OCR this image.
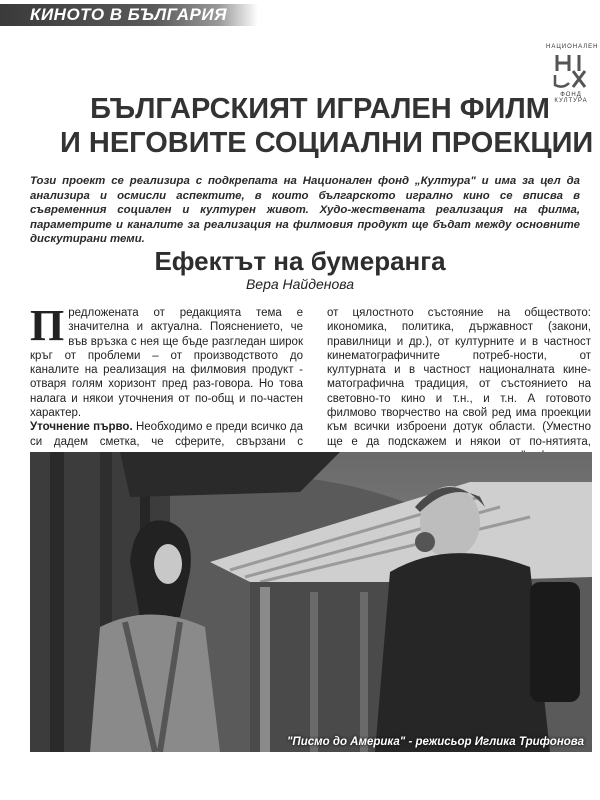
КИНОТО В БЪЛГАРИЯ
НАЦИОНАЛЕН
ФОНД
КУЛТУРА
БЪЛГАРСКИЯТ ИГРАЛЕН ФИЛМ
И НЕГОВИТЕ СОЦИАЛНИ ПРОЕКЦИИ
Този проект се реализира с подкрепата на Национален фонд „Култура" и има за цел да анализира и осмисли аспектите, в които българското игрално кино се вписва в съвременния социален и културен живот. Худо-жествената реализация на филма, параметрите и каналите за реализация на филмовия продукт ще бъдат между основните дискутирани теми.
Ефектът на бумеранга
Вера Найденова
П редложената от редакцията тема е значителна и актуална. Пояснението, че във връзка с нея ще бъде разгледан широк кръг от проблеми – от производството до каналите на реализация на филмовия продукт - отваря голям хоризонт пред раз-говора. Но това налага и някои уточнения от по-общ и по-частен характер.

Уточнение първо. Необходимо е преди всичко да си дадем сметка, че сферите, свързани с

от цялостното състояние на обществото: икономика, политика, държавност (закони, правилници и др.), от културните и в частност кинематографичните потреб-ности, от културната и в частност националната кине-матографична традиция, от състоянието на световно-то кино и т.н., и т.н. А готовото филмово творчество на свой ред има проекции към всички изброени дотук области. (Уместно ще е да подскажем и някои от по-нятията,

"Писмо до Америка" - режисьор Иглика Трифонова
